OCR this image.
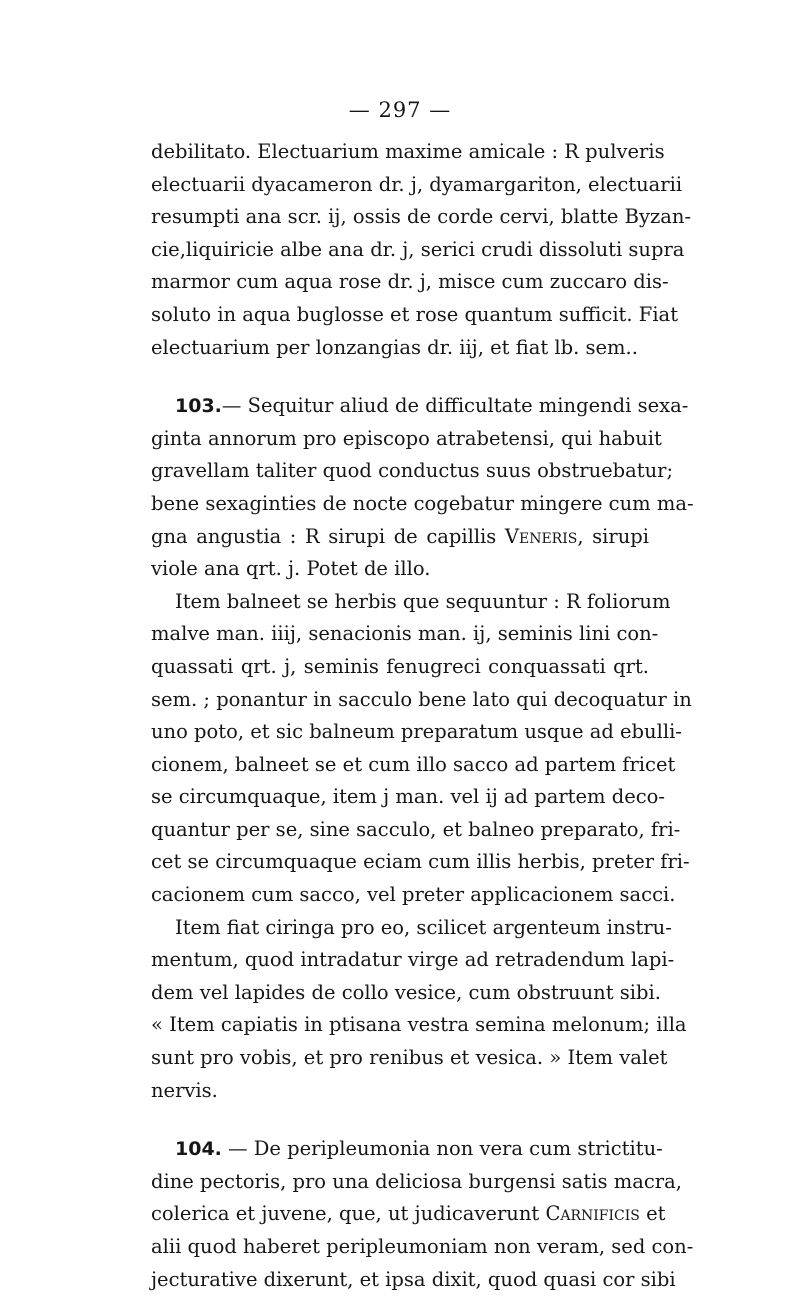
— 297 —
debilitato. Electuarium maxime amicale : R pulveris
electuarii dyacameron dr. j, dyamargariton, electuarii
resumpti ana scr. ij, ossis de corde cervi, blatte Byzan-
cie,liquiricie albe ana dr. j, serici crudi dissoluti supra
marmor cum aqua rose dr. j, misce cum zuccaro dis-
soluto in aqua buglosse et rose quantum sufficit. Fiat
electuarium per lonzangias dr. iij, et fiat lb. sem..
103.— Sequitur aliud de difficultate mingendi sexa-
ginta annorum pro episcopo atrabetensi, qui habuit
gravellam taliter quod conductus suus obstruebatur;
bene sexaginties de nocte cogebatur mingere cum ma-
gna angustia : R sirupi de capillis Veneris, sirupi
viole ana qrt. j. Potet de illo.
Item balneet se herbis que sequuntur : R foliorum
malve man. iiij, senacionis man. ij, seminis lini con-
quassati qrt. j, seminis fenugreci conquassati qrt.
sem. ; ponantur in sacculo bene lato qui decoquatur in
uno poto, et sic balneum preparatum usque ad ebulli-
cionem, balneet se et cum illo sacco ad partem fricet
se circumquaque, item j man. vel ij ad partem deco-
quantur per se, sine sacculo, et balneo preparato, fri-
cet se circumquaque eciam cum illis herbis, preter fri-
cacionem cum sacco, vel preter applicacionem sacci.
Item fiat ciringa pro eo, scilicet argenteum instru-
mentum, quod intradatur virge ad retradendum lapi-
dem vel lapides de collo vesice, cum obstruunt sibi.
« Item capiatis in ptisana vestra semina melonum; illa
sunt pro vobis, et pro renibus et vesica. » Item valet
nervis.
104. — De peripleumonia non vera cum strictitu-
dine pectoris, pro una deliciosa burgensi satis macra,
colerica et juvene, que, ut judicaverunt Carnificis et
alii quod haberet peripleumoniam non veram, sed con-
jecturative dixerunt, et ipsa dixit, quod quasi cor sibi
